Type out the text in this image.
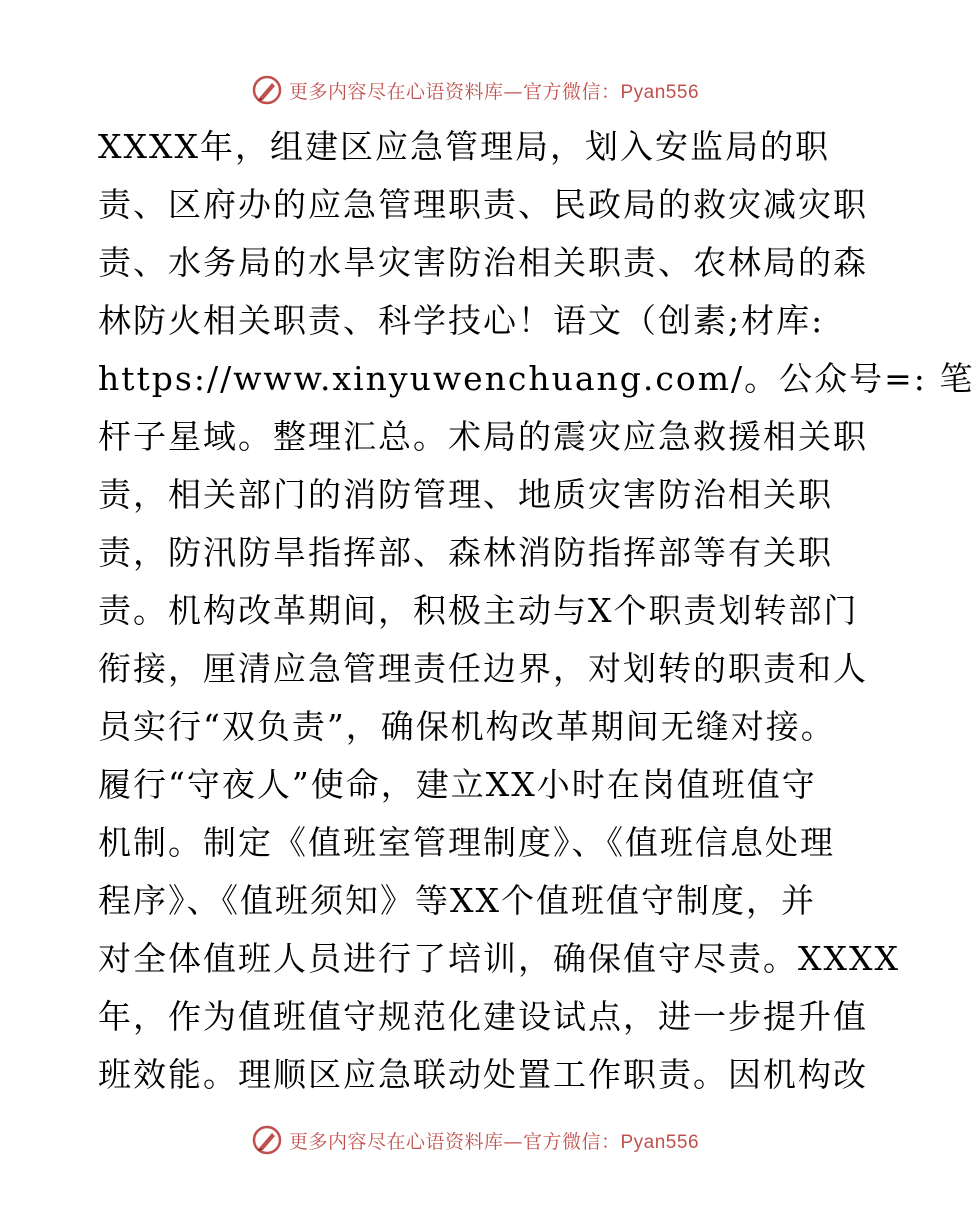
更多内容尽在心语资料库—官方微信：Pyan556
XXXX年，组建区应急管理局，划入安监局的职
责、区府办的应急管理职责、民政局的救灾减灾职
责、水务局的水旱灾害防治相关职责、农林局的森
林防火相关职责、科学技心！语文（创素;材库:
https://www.xinyuwenchuang.com/。公众号=: 笔
杆子星域。整理汇总。术局的震灾应急救援相关职
责，相关部门的消防管理、地质灾害防治相关职
责，防汛防旱指挥部、森林消防指挥部等有关职
责。机构改革期间，积极主动与X个职责划转部门
衔接，厘清应急管理责任边界，对划转的职责和人
员实行“双负责”，确保机构改革期间无缝对接。
履行“守夜人”使命，建立XX小时在岗值班值守
机制。制定《值班室管理制度》、《值班信息处理
程序》、《值班须知》等XX个值班值守制度，并
对全体值班人员进行了培训，确保值守尽责。XXXX
年，作为值班值守规范化建设试点，进一步提升值
班效能。理顺区应急联动处置工作职责。因机构改
更多内容尽在心语资料库—官方微信：Pyan556
